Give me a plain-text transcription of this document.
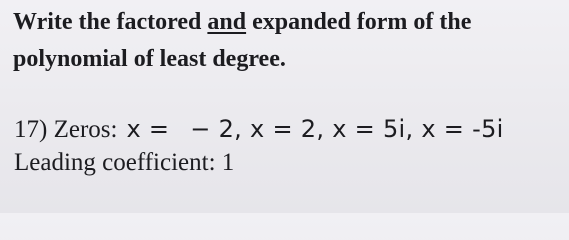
Write the factored and expanded form of the
polynomial of least degree.
17) Zeros: x =   − 2, x = 2, x = 5i, x = -5i
Leading coefficient: 1
